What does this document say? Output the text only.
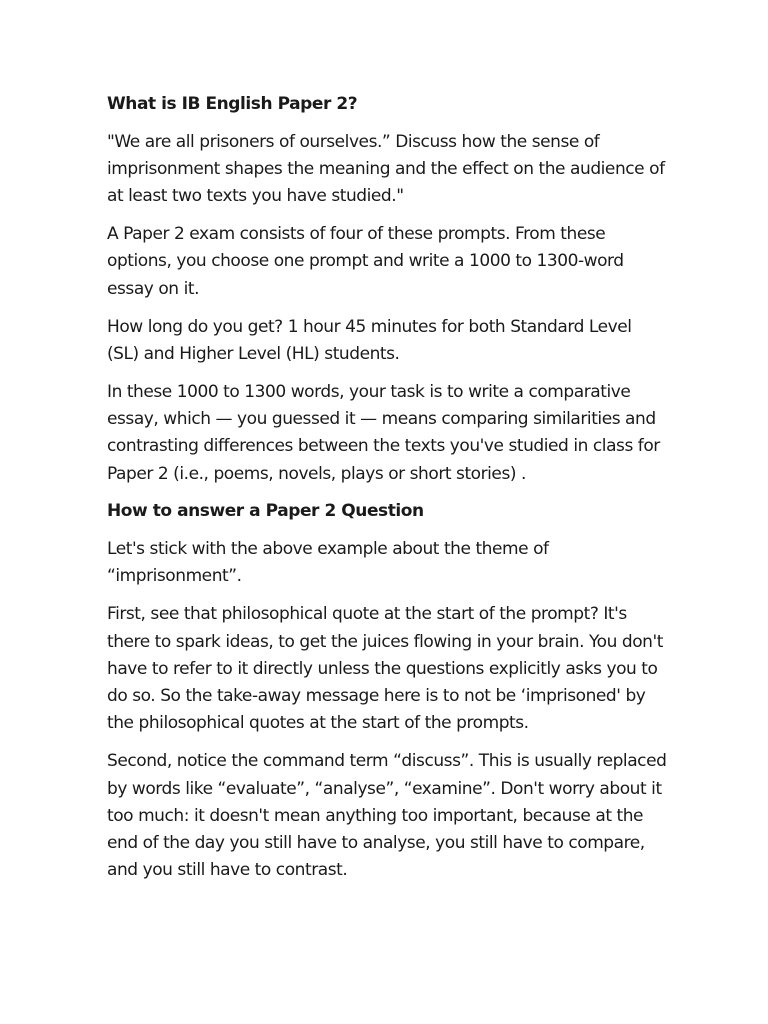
What is IB English Paper 2?

"We are all prisoners of ourselves.” Discuss how the sense of imprisonment shapes the meaning and the effect on the audience of at least two texts you have studied."

A Paper 2 exam consists of four of these prompts. From these options, you choose one prompt and write a 1000 to 1300-word essay on it.

How long do you get? 1 hour 45 minutes for both Standard Level (SL) and Higher Level (HL) students.

In these 1000 to 1300 words, your task is to write a comparative essay, which — you guessed it — means comparing similarities and contrasting differences between the texts you've studied in class for Paper 2 (i.e., poems, novels, plays or short stories) .

How to answer a Paper 2 Question

Let's stick with the above example about the theme of “imprisonment”.

First, see that philosophical quote at the start of the prompt? It's there to spark ideas, to get the juices flowing in your brain. You don't have to refer to it directly unless the questions explicitly asks you to do so. So the take-away message here is to not be ‘imprisoned' by the philosophical quotes at the start of the prompts.

Second, notice the command term “discuss”. This is usually replaced by words like “evaluate”, “analyse”, “examine”. Don't worry about it too much: it doesn't mean anything too important, because at the end of the day you still have to analyse, you still have to compare, and you still have to contrast.
